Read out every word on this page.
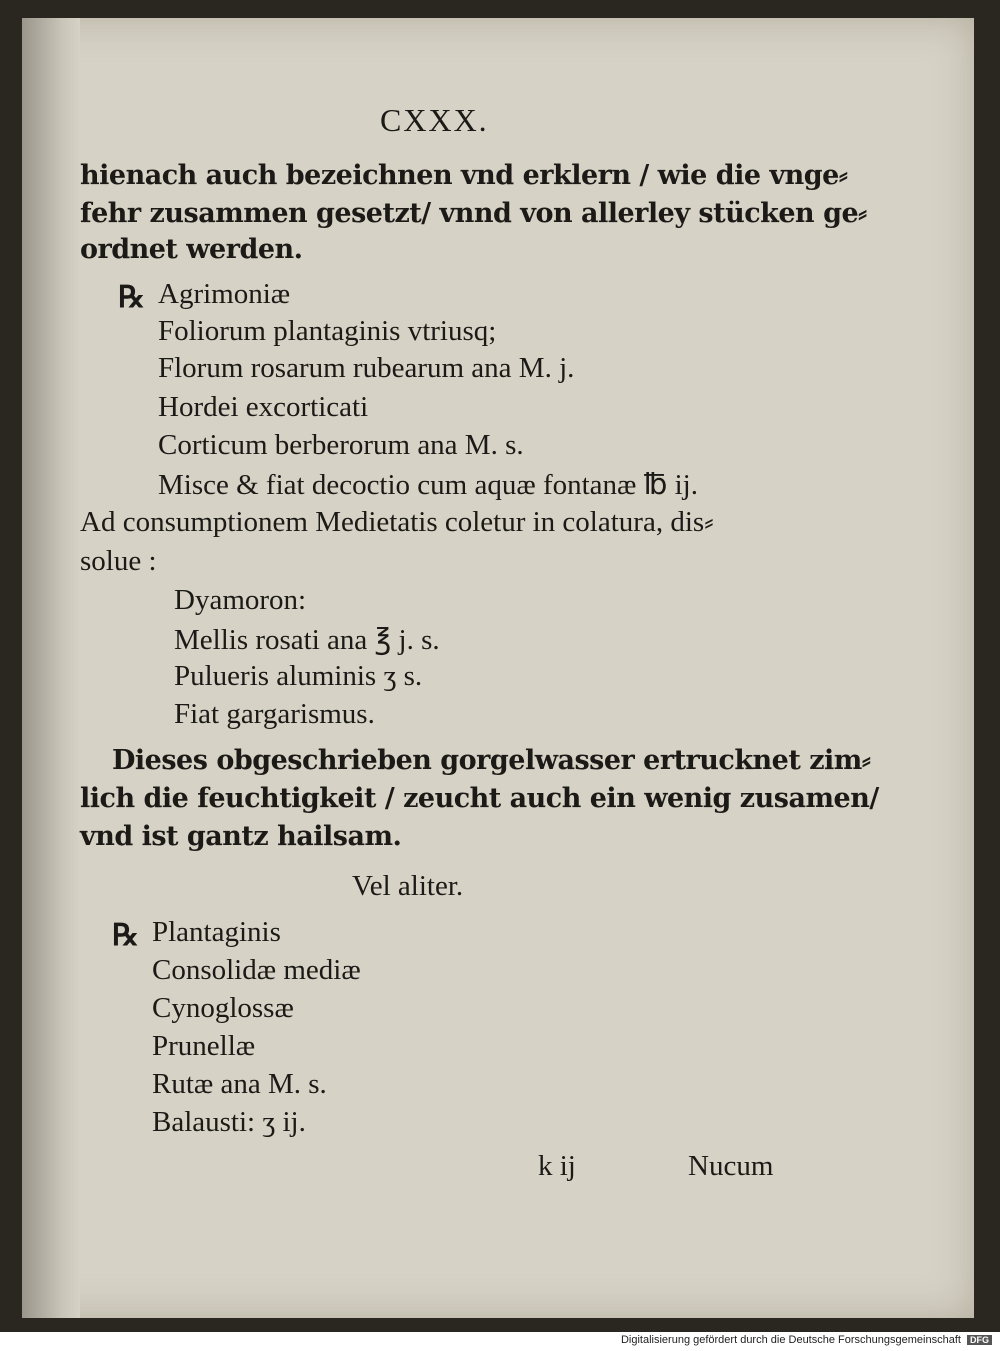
CXXX.
hienach auch bezeichnen vnd erklern / wie die vnge⸗
fehr zusammen gesetzt/ vnnd von allerley stücken ge⸗
ordnet werden.
℞ Agrimoniæ
Foliorum plantaginis vtriusq;
Florum rosarum rubearum ana M. j.
Hordei excorticati
Corticum berberorum ana M. s.
Misce & fiat decoctio cum aquæ fontanæ ℔ ij.
Ad consumptionem Medietatis coletur in colatura, dis⸗
solue :
Dyamoron:
Mellis rosati ana ℥ j. s.
Pulueris aluminis ʒ s.
Fiat gargarismus.
Dieses obgeschrieben gorgelwasser ertrucknet zim⸗
lich die feuchtigkeit / zeucht auch ein wenig zusamen/
vnd ist gantz hailsam.
Vel aliter.
℞ Plantaginis
Consolidæ mediæ
Cynoglossæ
Prunellæ
Rutæ ana M. s.
Balausti: ʒ ij.
k ij	Nucum
Digitalisierung gefördert durch die Deutsche Forschungsgemeinschaft DFG
